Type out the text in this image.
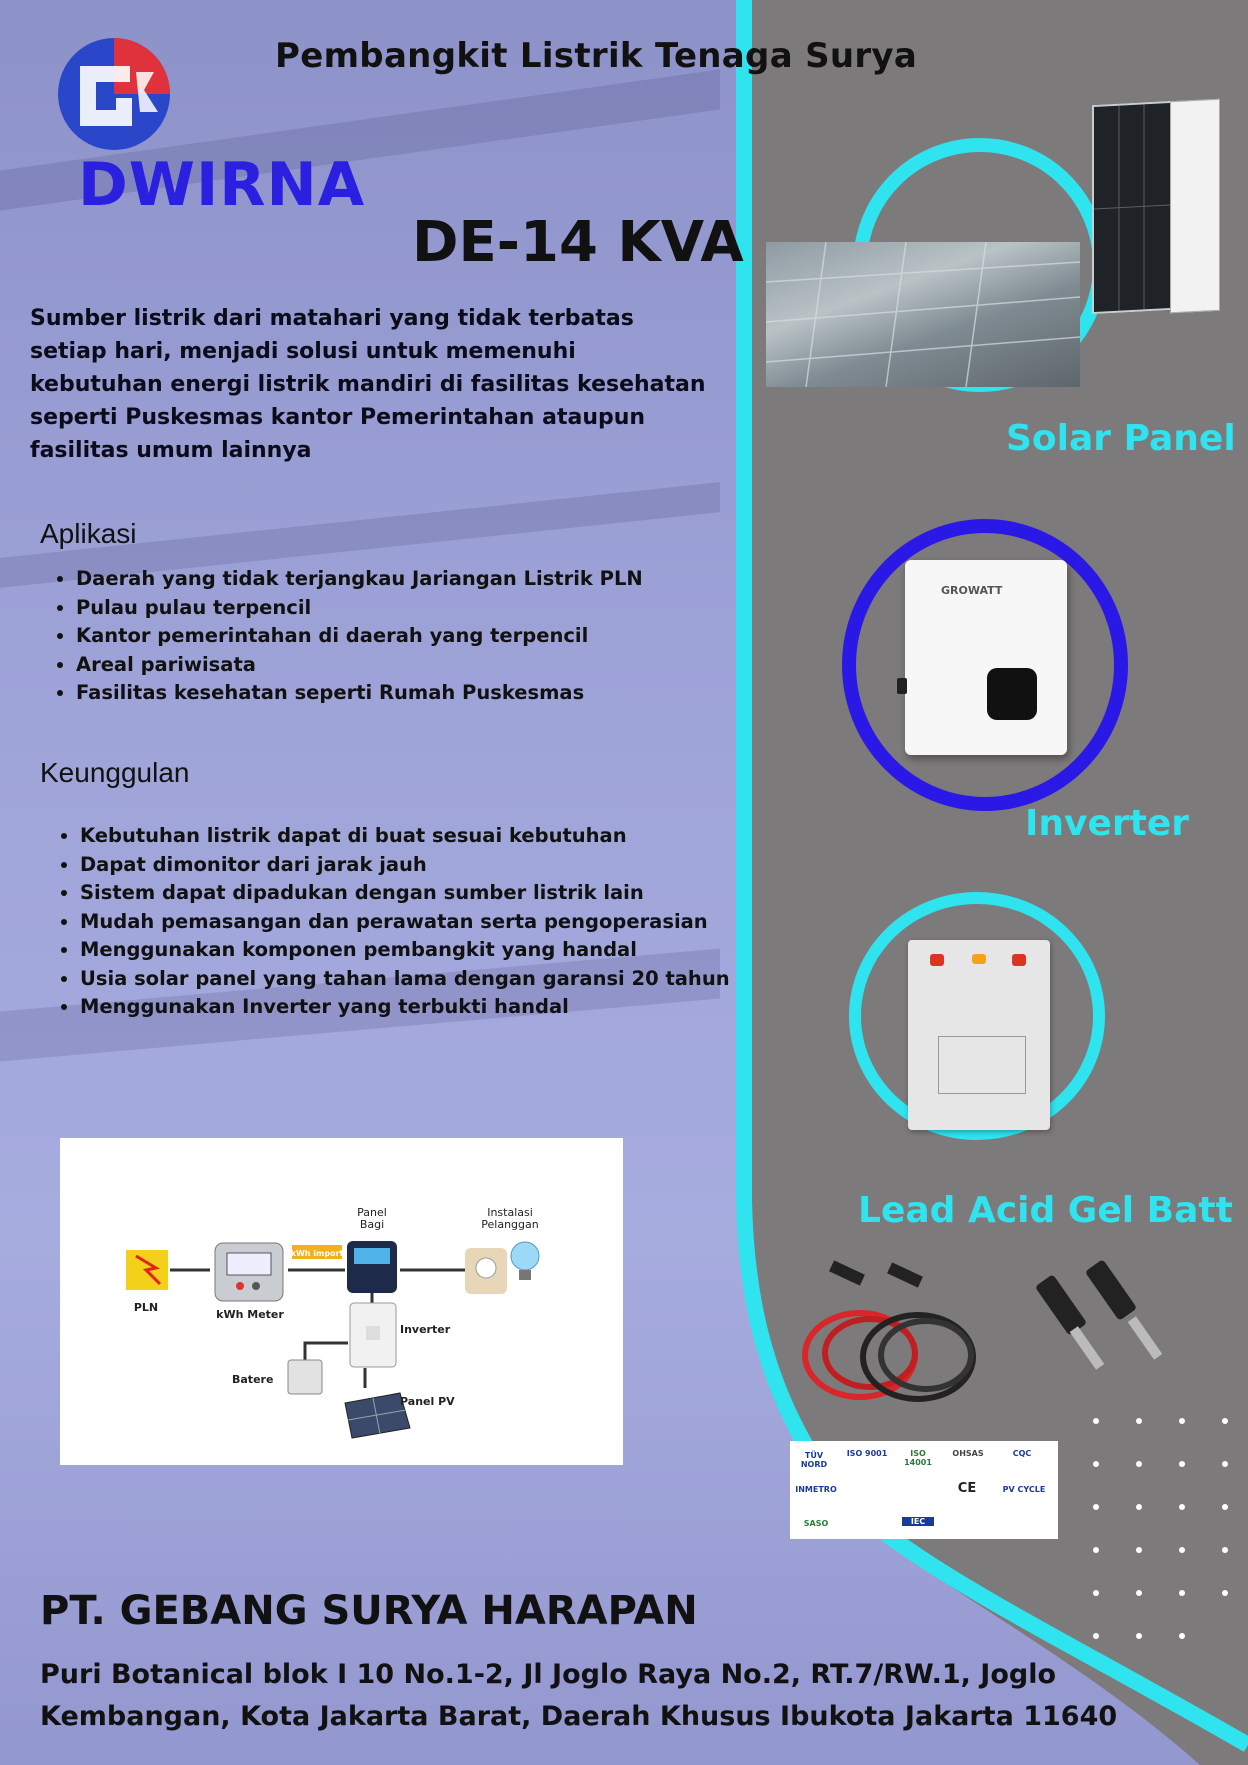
Pembangkit Listrik Tenaga Surya
DWIRNA
DE-14 KVA
Sumber listrik dari matahari yang tidak terbatas setiap hari, menjadi solusi untuk memenuhi kebutuhan energi listrik mandiri di fasilitas kesehatan seperti Puskesmas kantor Pemerintahan ataupun fasilitas umum lainnya
Aplikasi
• Daerah yang tidak terjangkau Jariangan Listrik PLN
• Pulau pulau terpencil
• Kantor pemerintahan di daerah yang terpencil
• Areal pariwisata
• Fasilitas kesehatan seperti Rumah Puskesmas
Keunggulan
• Kebutuhan listrik dapat di buat sesuai kebutuhan
• Dapat dimonitor dari jarak jauh
• Sistem dapat dipadukan dengan sumber listrik lain
• Mudah pemasangan dan perawatan serta pengoperasian
• Menggunakan komponen pembangkit yang handal
• Usia solar panel yang tahan lama dengan garansi 20 tahun
• Menggunakan Inverter yang terbukti handal
PLN
kWh Meter
kWh import
Panel
Bagi
Instalasi
Pelanggan
Inverter
Batere
Panel PV
Solar Panel
GROWATT
Inverter
Lead Acid Gel Batt
TÜV NORD
ISO 9001	ISO 14001
OHSAS	CQC
INMETRO	CE	PV CYCLE
SASO	IEC
PT. GEBANG SURYA HARAPAN
Puri Botanical blok I 10 No.1-2, Jl Joglo Raya No.2, RT.7/RW.1, Joglo
Kembangan, Kota Jakarta Barat, Daerah Khusus Ibukota Jakarta 11640
